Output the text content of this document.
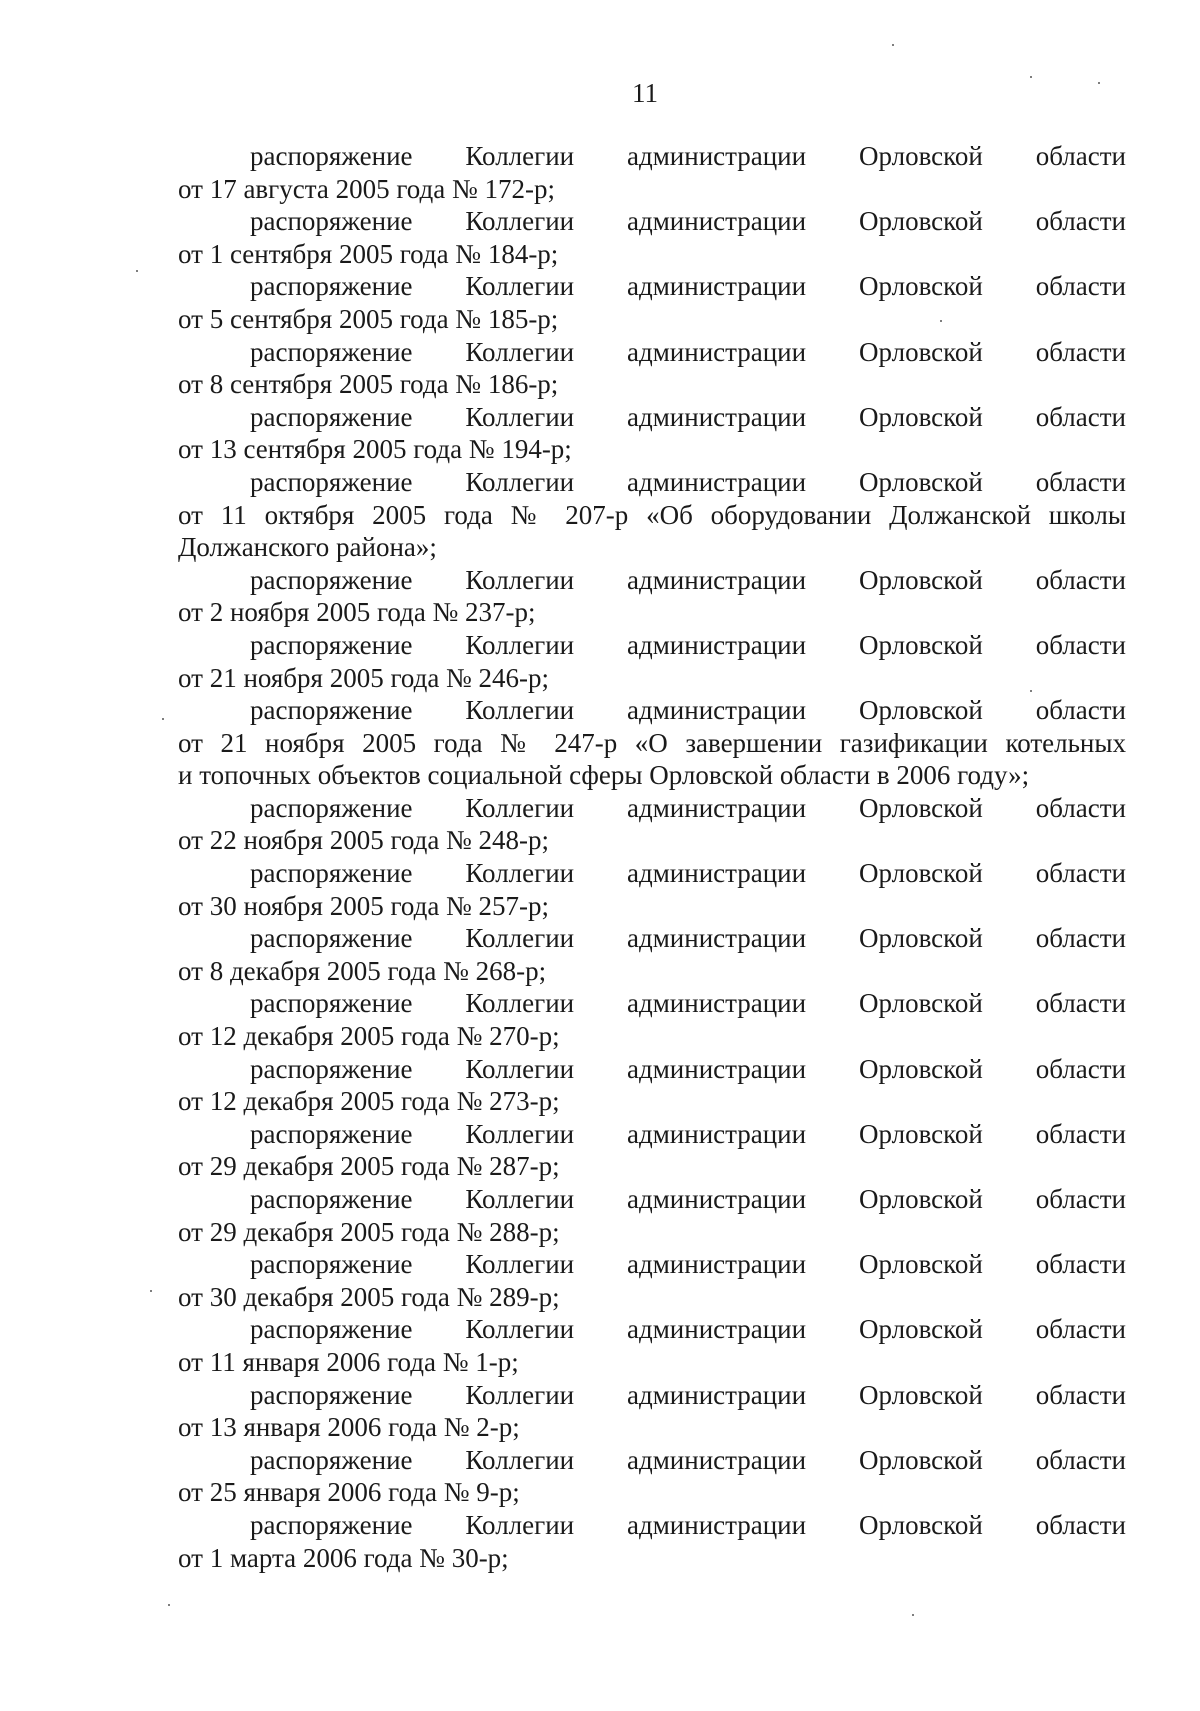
11
распоряжение Коллегии администрации Орловской области
от 17 августа 2005 года № 172-р;
распоряжение Коллегии администрации Орловской области
от 1 сентября 2005 года № 184-р;
распоряжение Коллегии администрации Орловской области
от 5 сентября 2005 года № 185-р;
распоряжение Коллегии администрации Орловской области
от 8 сентября 2005 года № 186-р;
распоряжение Коллегии администрации Орловской области
от 13 сентября 2005 года № 194-р;
распоряжение Коллегии администрации Орловской области
от 11 октября 2005 года № 207-р «Об оборудовании Должанской школы
Должанского района»;
распоряжение Коллегии администрации Орловской области
от 2 ноября 2005 года № 237-р;
распоряжение Коллегии администрации Орловской области
от 21 ноября 2005 года № 246-р;
распоряжение Коллегии администрации Орловской области
от 21 ноября 2005 года № 247-р «О завершении газификации котельных
и топочных объектов социальной сферы Орловской области в 2006 году»;
распоряжение Коллегии администрации Орловской области
от 22 ноября 2005 года № 248-р;
распоряжение Коллегии администрации Орловской области
от 30 ноября 2005 года № 257-р;
распоряжение Коллегии администрации Орловской области
от 8 декабря 2005 года № 268-р;
распоряжение Коллегии администрации Орловской области
от 12 декабря 2005 года № 270-р;
распоряжение Коллегии администрации Орловской области
от 12 декабря 2005 года № 273-р;
распоряжение Коллегии администрации Орловской области
от 29 декабря 2005 года № 287-р;
распоряжение Коллегии администрации Орловской области
от 29 декабря 2005 года № 288-р;
распоряжение Коллегии администрации Орловской области
от 30 декабря 2005 года № 289-р;
распоряжение Коллегии администрации Орловской области
от 11 января 2006 года № 1-р;
распоряжение Коллегии администрации Орловской области
от 13 января 2006 года № 2-р;
распоряжение Коллегии администрации Орловской области
от 25 января 2006 года № 9-р;
распоряжение Коллегии администрации Орловской области
от 1 марта 2006 года № 30-р;
